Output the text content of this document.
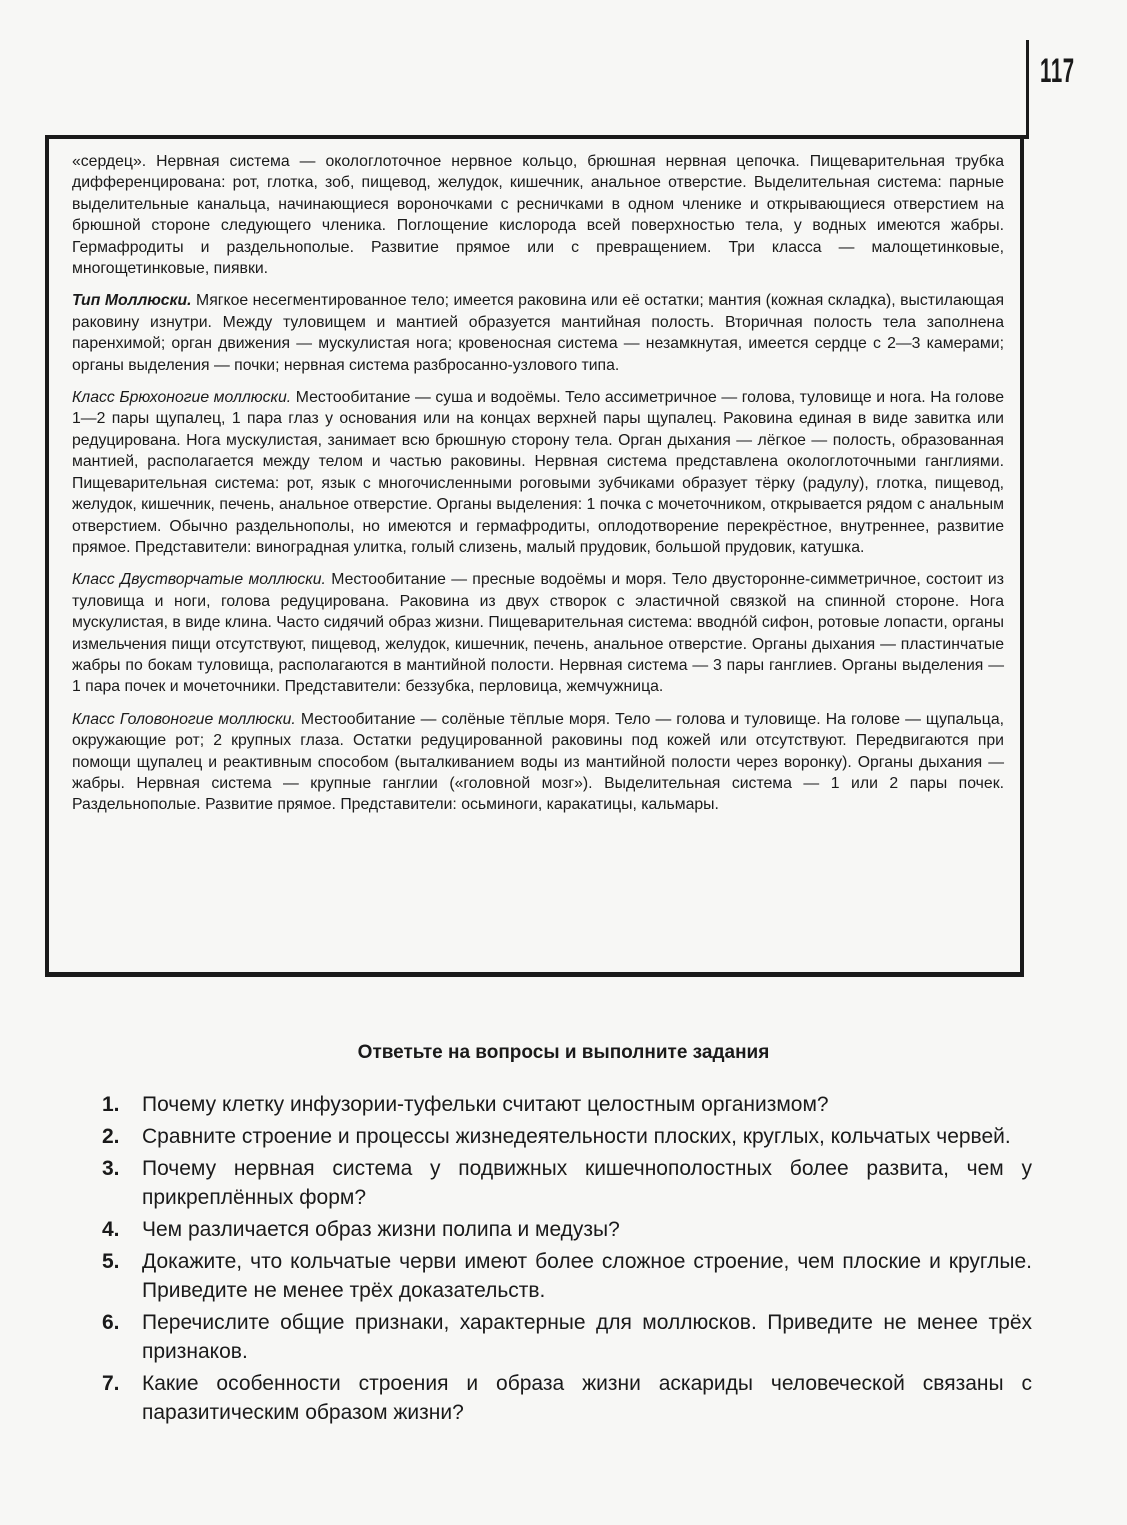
117

«сердец». Нервная система — окологлоточное нервное кольцо, брюшная нервная цепочка. Пищеварительная трубка дифференцирована: рот, глотка, зоб, пищевод, желудок, кишечник, анальное отверстие. Выделительная система: парные выделительные канальца, начинающиеся вороночками с ресничками в одном членике и открывающиеся отверстием на брюшной стороне следующего членика. Поглощение кислорода всей поверхностью тела, у водных имеются жабры. Гермафродиты и раздельнополые. Развитие прямое или с превращением. Три класса — малощетинковые, многощетинковые, пиявки.

Тип Моллюски. Мягкое несегментированное тело; имеется раковина или её остатки; мантия (кожная складка), выстилающая раковину изнутри. Между туловищем и мантией образуется мантийная полость. Вторичная полость тела заполнена паренхимой; орган движения — мускулистая нога; кровеносная система — незамкнутая, имеется сердце с 2—3 камерами; органы выделения — почки; нервная система разбросанно-узлового типа.

Класс Брюхоногие моллюски. Местообитание — суша и водоёмы. Тело ассиметричное — голова, туловище и нога. На голове 1—2 пары щупалец, 1 пара глаз у основания или на концах верхней пары щупалец. Раковина единая в виде завитка или редуцирована. Нога мускулистая, занимает всю брюшную сторону тела. Орган дыхания — лёгкое — полость, образованная мантией, располагается между телом и частью раковины. Нервная система представлена окологлоточными ганглиями. Пищеварительная система: рот, язык с многочисленными роговыми зубчиками образует тёрку (радулу), глотка, пищевод, желудок, кишечник, печень, анальное отверстие. Органы выделения: 1 почка с мочеточником, открывается рядом с анальным отверстием. Обычно раздельнополы, но имеются и гермафродиты, оплодотворение перекрёстное, внутреннее, развитие прямое. Представители: виноградная улитка, голый слизень, малый прудовик, большой прудовик, катушка.

Класс Двустворчатые моллюски. Местообитание — пресные водоёмы и моря. Тело двусторонне-симметричное, состоит из туловища и ноги, голова редуцирована. Раковина из двух створок с эластичной связкой на спинной стороне. Нога мускулистая, в виде клина. Часто сидячий образ жизни. Пищеварительная система: вводнóй сифон, ротовые лопасти, органы измельчения пищи отсутствуют, пищевод, желудок, кишечник, печень, анальное отверстие. Органы дыхания — пластинчатые жабры по бокам туловища, располагаются в мантийной полости. Нервная система — 3 пары ганглиев. Органы выделения — 1 пара почек и мочеточники. Представители: беззубка, перловица, жемчужница.

Класс Головоногие моллюски. Местообитание — солёные тёплые моря. Тело — голова и туловище. На голове — щупальца, окружающие рот; 2 крупных глаза. Остатки редуцированной раковины под кожей или отсутствуют. Передвигаются при помощи щупалец и реактивным способом (выталкиванием воды из мантийной полости через воронку). Органы дыхания — жабры. Нервная система — крупные ганглии («головной мозг»). Выделительная система — 1 или 2 пары почек. Раздельнополые. Развитие прямое. Представители: осьминоги, каракатицы, кальмары.

Ответьте на вопросы и выполните задания
1. Почему клетку инфузории-туфельки считают целостным организмом?
2. Сравните строение и процессы жизнедеятельности плоских, круглых, кольчатых червей.
3. Почему нервная система у подвижных кишечнополостных более развита, чем у прикреплённых форм?
4. Чем различается образ жизни полипа и медузы?
5. Докажите, что кольчатые черви имеют более сложное строение, чем плоские и круглые. Приведите не менее трёх доказательств.
6. Перечислите общие признаки, характерные для моллюсков. Приведите не менее трёх признаков.
7. Какие особенности строения и образа жизни аскариды человеческой связаны с паразитическим образом жизни?
